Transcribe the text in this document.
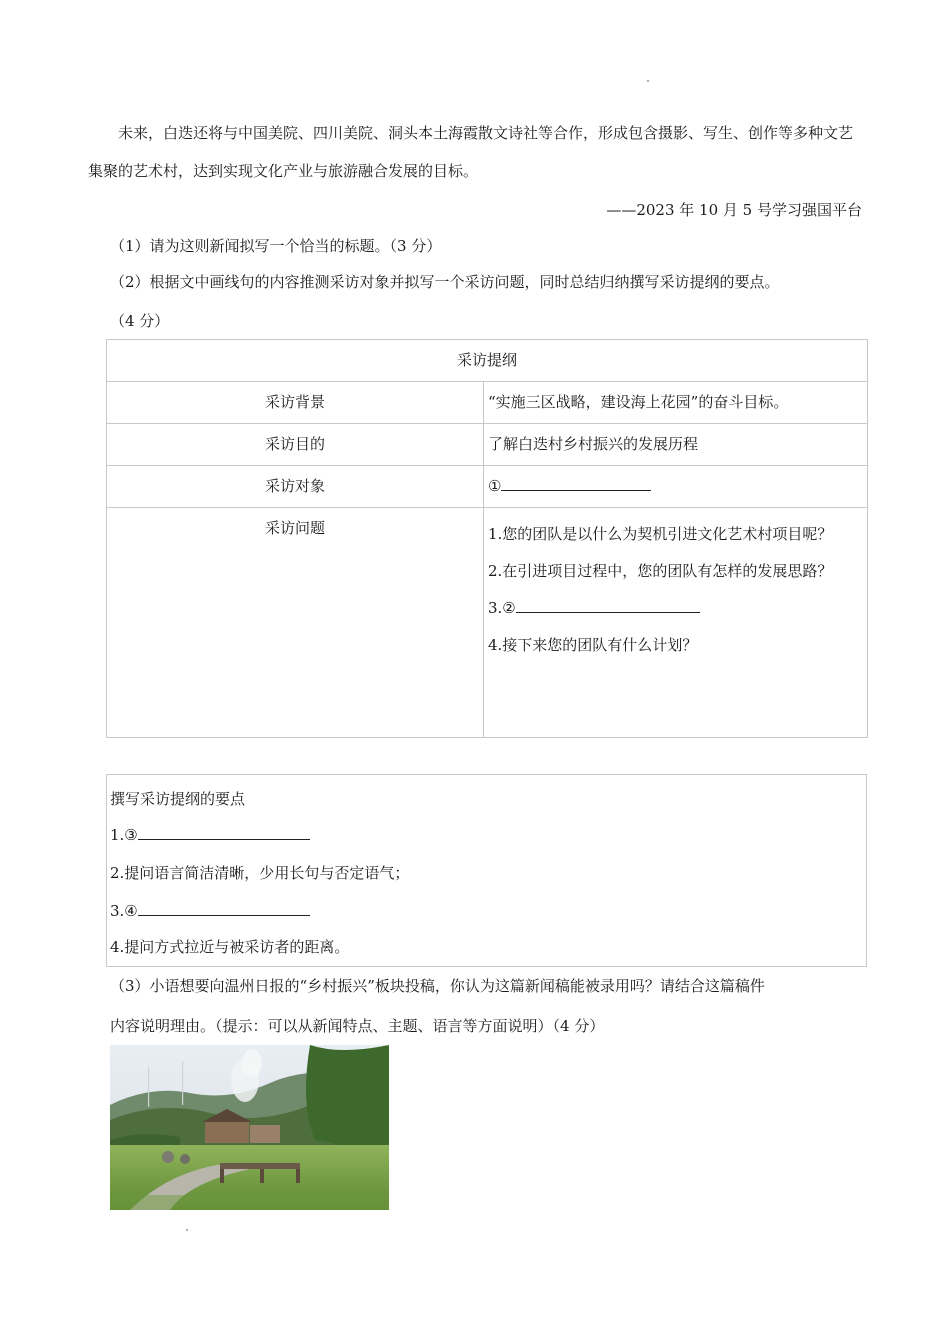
未来，白迭还将与中国美院、四川美院、洞头本土海霞散文诗社等合作，形成包含摄影、写生、创作等多种文艺集聚的艺术村，达到实现文化产业与旅游融合发展的目标。
——2023 年 10 月 5 号学习强国平台
（1）请为这则新闻拟写一个恰当的标题。（3 分）
（2）根据文中画线句的内容推测采访对象并拟写一个采访问题，同时总结归纳撰写采访提纲的要点。
（4 分）
采访提纲	
采访背景	“实施三区战略，建设海上花园”的奋斗目标。
采访目的	了解白迭村乡村振兴的发展历程
采访对象	①
采访问题	1.您的团队是以什么为契机引进文化艺术村项目呢？
2.在引进项目过程中，您的团队有怎样的发展思路？
3.②
4.接下来您的团队有什么计划？
撰写采访提纲的要点
1.③
2.提问语言简洁清晰，少用长句与否定语气；
3.④
4.提问方式拉近与被采访者的距离。
（3）小语想要向温州日报的“乡村振兴”板块投稿，你认为这篇新闻稿能被录用吗？请结合这篇稿件
内容说明理由。（提示：可以从新闻特点、主题、语言等方面说明）（4 分）
